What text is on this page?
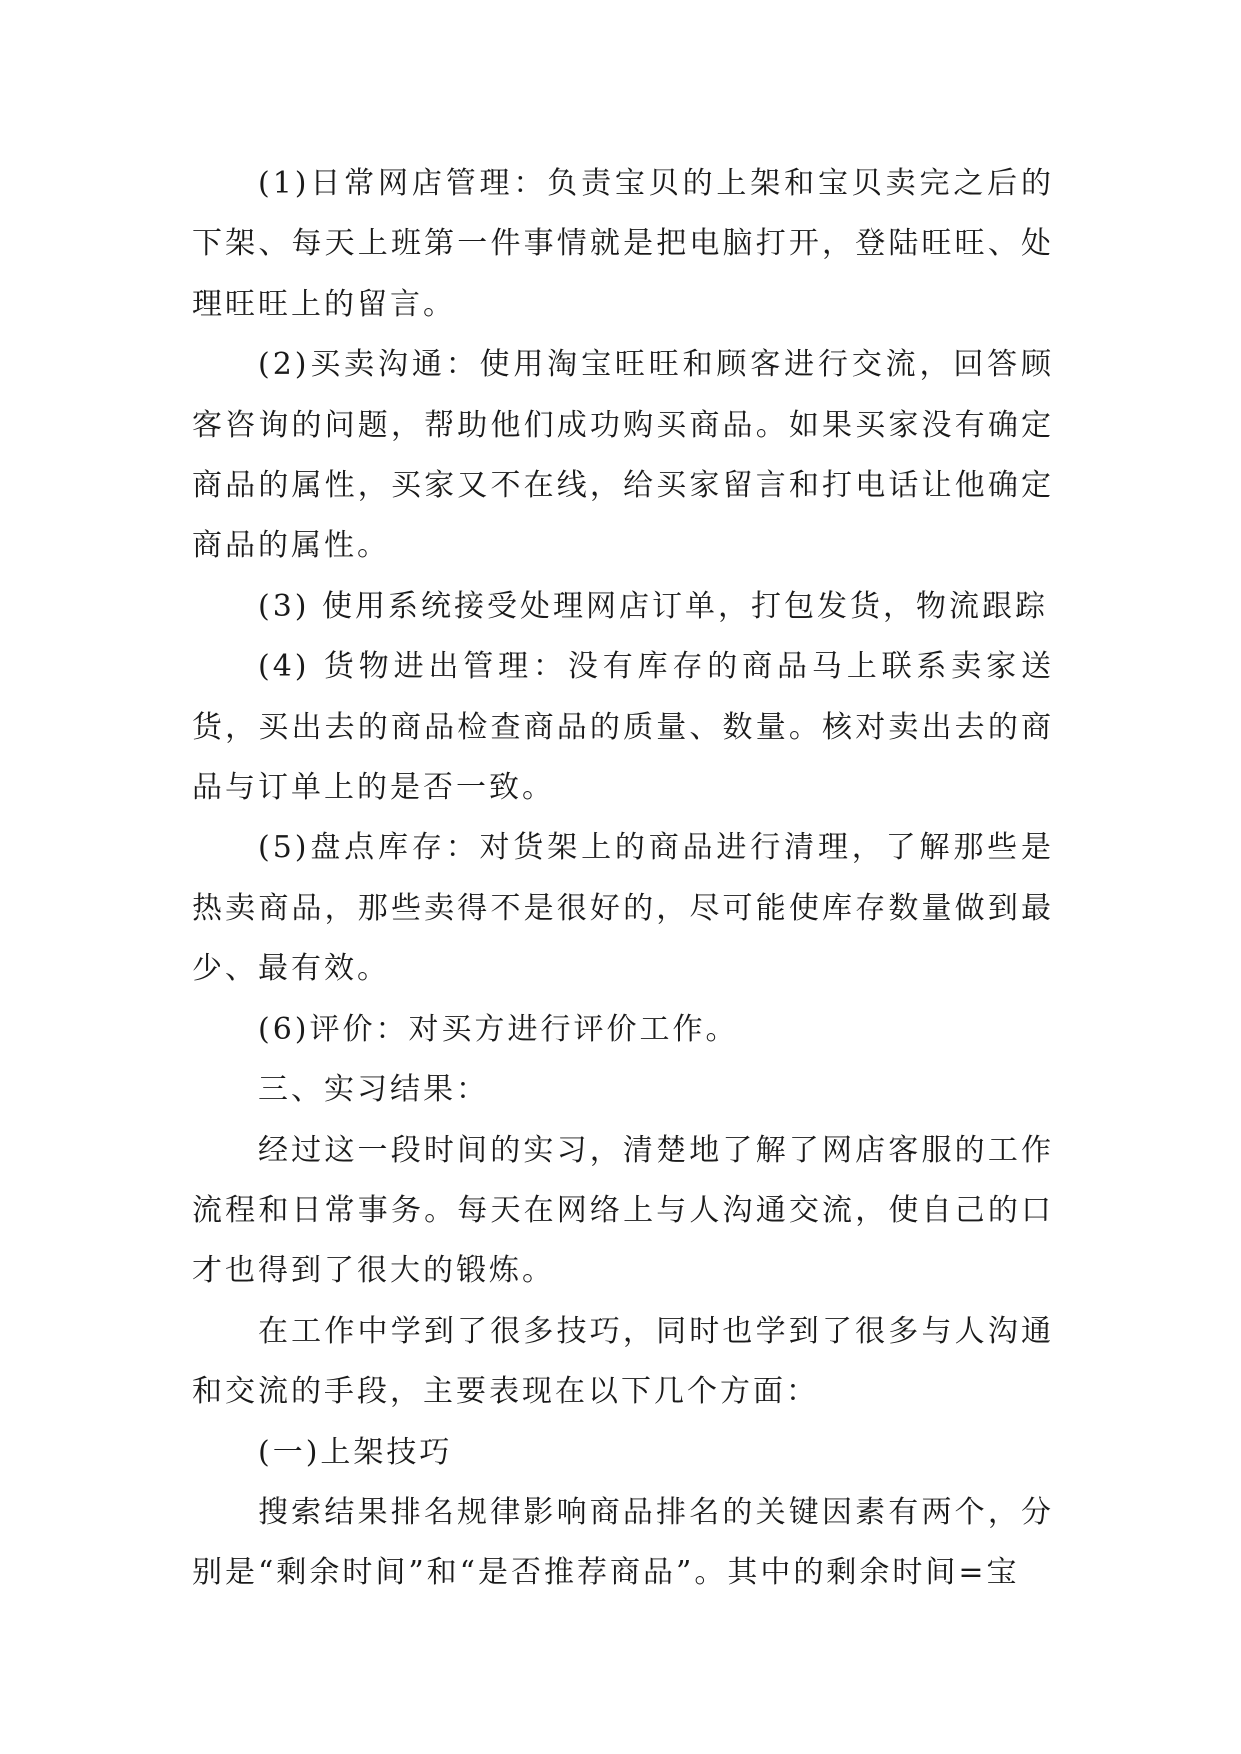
(1)日常网店管理：负责宝贝的上架和宝贝卖完之后的下架、每天上班第一件事情就是把电脑打开，登陆旺旺、处理旺旺上的留言。

(2)买卖沟通：使用淘宝旺旺和顾客进行交流，回答顾客咨询的问题，帮助他们成功购买商品。如果买家没有确定商品的属性，买家又不在线，给买家留言和打电话让他确定商品的属性。

(3) 使用系统接受处理网店订单，打包发货，物流跟踪

(4) 货物进出管理：没有库存的商品马上联系卖家送货，买出去的商品检查商品的质量、数量。核对卖出去的商品与订单上的是否一致。

(5)盘点库存：对货架上的商品进行清理，了解那些是热卖商品，那些卖得不是很好的，尽可能使库存数量做到最少、最有效。

(6)评价：对买方进行评价工作。

三、实习结果：

经过这一段时间的实习，清楚地了解了网店客服的工作流程和日常事务。每天在网络上与人沟通交流，使自己的口才也得到了很大的锻炼。

在工作中学到了很多技巧，同时也学到了很多与人沟通和交流的手段，主要表现在以下几个方面：

(一)上架技巧

搜索结果排名规律影响商品排名的关键因素有两个，分别是“剩余时间”和“是否推荐商品”。其中的剩余时间=宝
